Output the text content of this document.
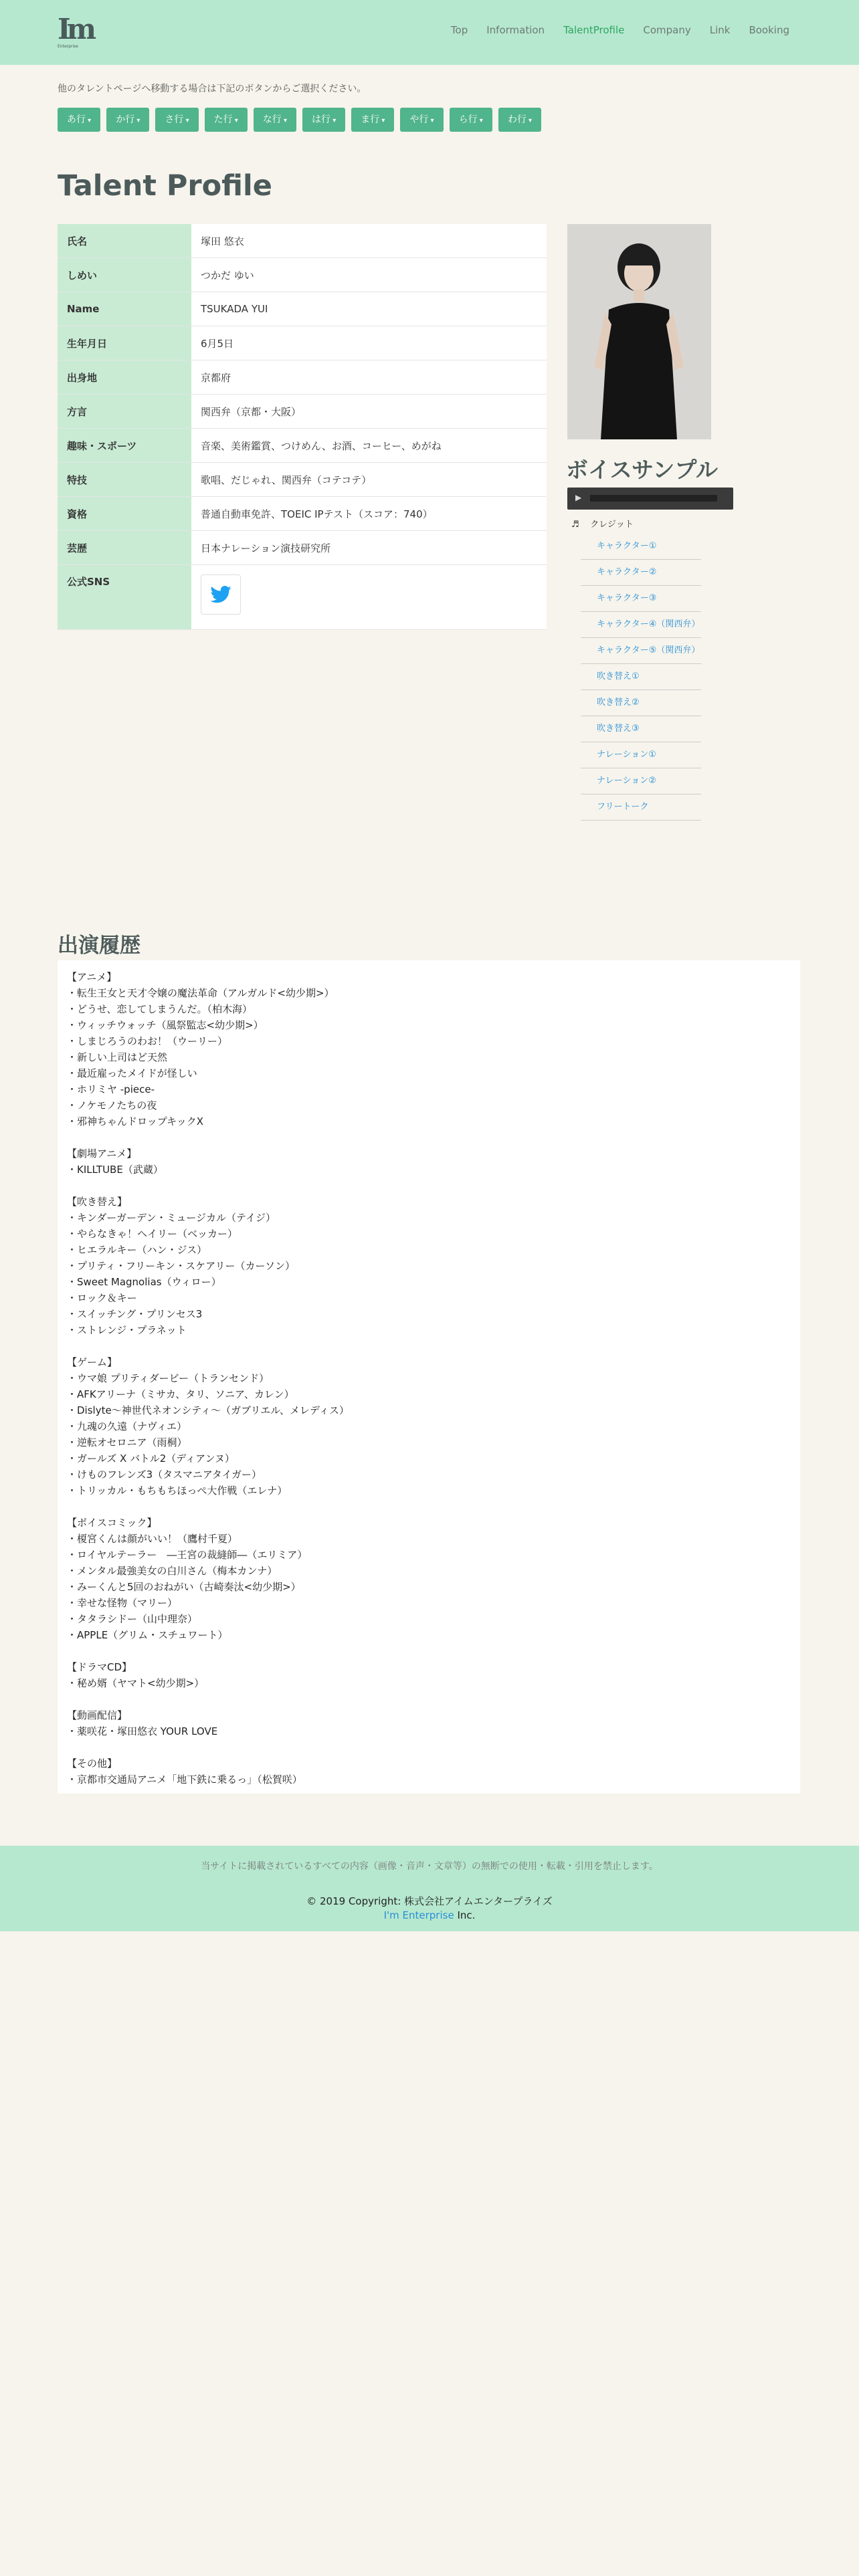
Im
Enterprise
Top Information TalentProfile Company Link Booking
他のタレントページへ移動する場合は下記のボタンからご選択ください。
あ行 ▾	か行 ▾	さ行 ▾	た行 ▾	な行 ▾	は行 ▾	ま行 ▾	や行 ▾	ら行 ▾	わ行 ▾
Talent Profile
氏名	塚田 悠衣
しめい	つかだ ゆい
Name	TSUKADA YUI
生年月日	6月5日
出身地	京都府
方言	関西弁（京都・大阪）
趣味・スポーツ	音楽、美術鑑賞、つけめん、お酒、コーヒー、めがね
特技	歌唱、だじゃれ、関西弁（コテコテ）
資格	普通自動車免許、TOEIC IPテスト（スコア：740）
芸歴	日本ナレーション演技研究所
公式SNS	
ボイスサンプル
▶
♬ クレジット
キャラクター①
キャラクター②
キャラクター③
キャラクター④（関西弁）
キャラクター⑤（関西弁）
吹き替え①
吹き替え②
吹き替え③
ナレーション①
ナレーション②
フリートーク
出演履歴
【アニメ】
・転生王女と天才令嬢の魔法革命（アルガルド<幼少期>）
・どうせ、恋してしまうんだ。（柏木海）
・ウィッチウォッチ（風祭監志<幼少期>）
・しまじろうのわお！（ウーリー）
・新しい上司はど天然
・最近雇ったメイドが怪しい
・ホリミヤ -piece-
・ノケモノたちの夜
・邪神ちゃんドロップキックX

【劇場アニメ】
・KILLTUBE（武蔵）

【吹き替え】
・キンダーガーデン・ミュージカル（テイジ）
・やらなきゃ！ヘイリー（ベッカー）
・ヒエラルキー（ハン・ジス）
・プリティ・フリーキン・スケアリー（カーソン）
・Sweet Magnolias（ウィロー）
・ロック＆キー
・スイッチング・プリンセス3
・ストレンジ・プラネット

【ゲーム】
・ウマ娘 プリティダービー（トランセンド）
・AFKアリーナ（ミサカ、タリ、ソニア、カレン）
・Dislyte〜神世代ネオンシティ〜（ガブリエル、メレディス）
・九魂の久遠（ナヴィエ）
・逆転オセロニア（雨桐）
・ガールズ X バトル2（ディアンヌ）
・けものフレンズ3（タスマニアタイガー）
・トリッカル・もちもちほっぺ大作戦（エレナ）

【ボイスコミック】
・榎宮くんは顔がいい！（鷹村千夏）
・ロイヤルテーラー　―王宮の裁縫師―（エリミア）
・メンタル最強美女の白川さん（梅本カンナ）
・みーくんと5回のおねがい（古崎奏汰<幼少期>）
・幸せな怪物（マリー）
・タタラシドー（山中理奈）
・APPLE（グリム・スチュワート）

【ドラマCD】
・秘め婿（ヤマト<幼少期>）

【動画配信】
・薬咲花・塚田悠衣 YOUR LOVE

【その他】
・京都市交通局アニメ「地下鉄に乗るっ」（松賀咲）
当サイトに掲載されているすべての内容（画像・音声・文章等）の無断での使用・転載・引用を禁止します。
© 2019 Copyright: 株式会社アイムエンタープライズ
I'm Enterprise Inc.
